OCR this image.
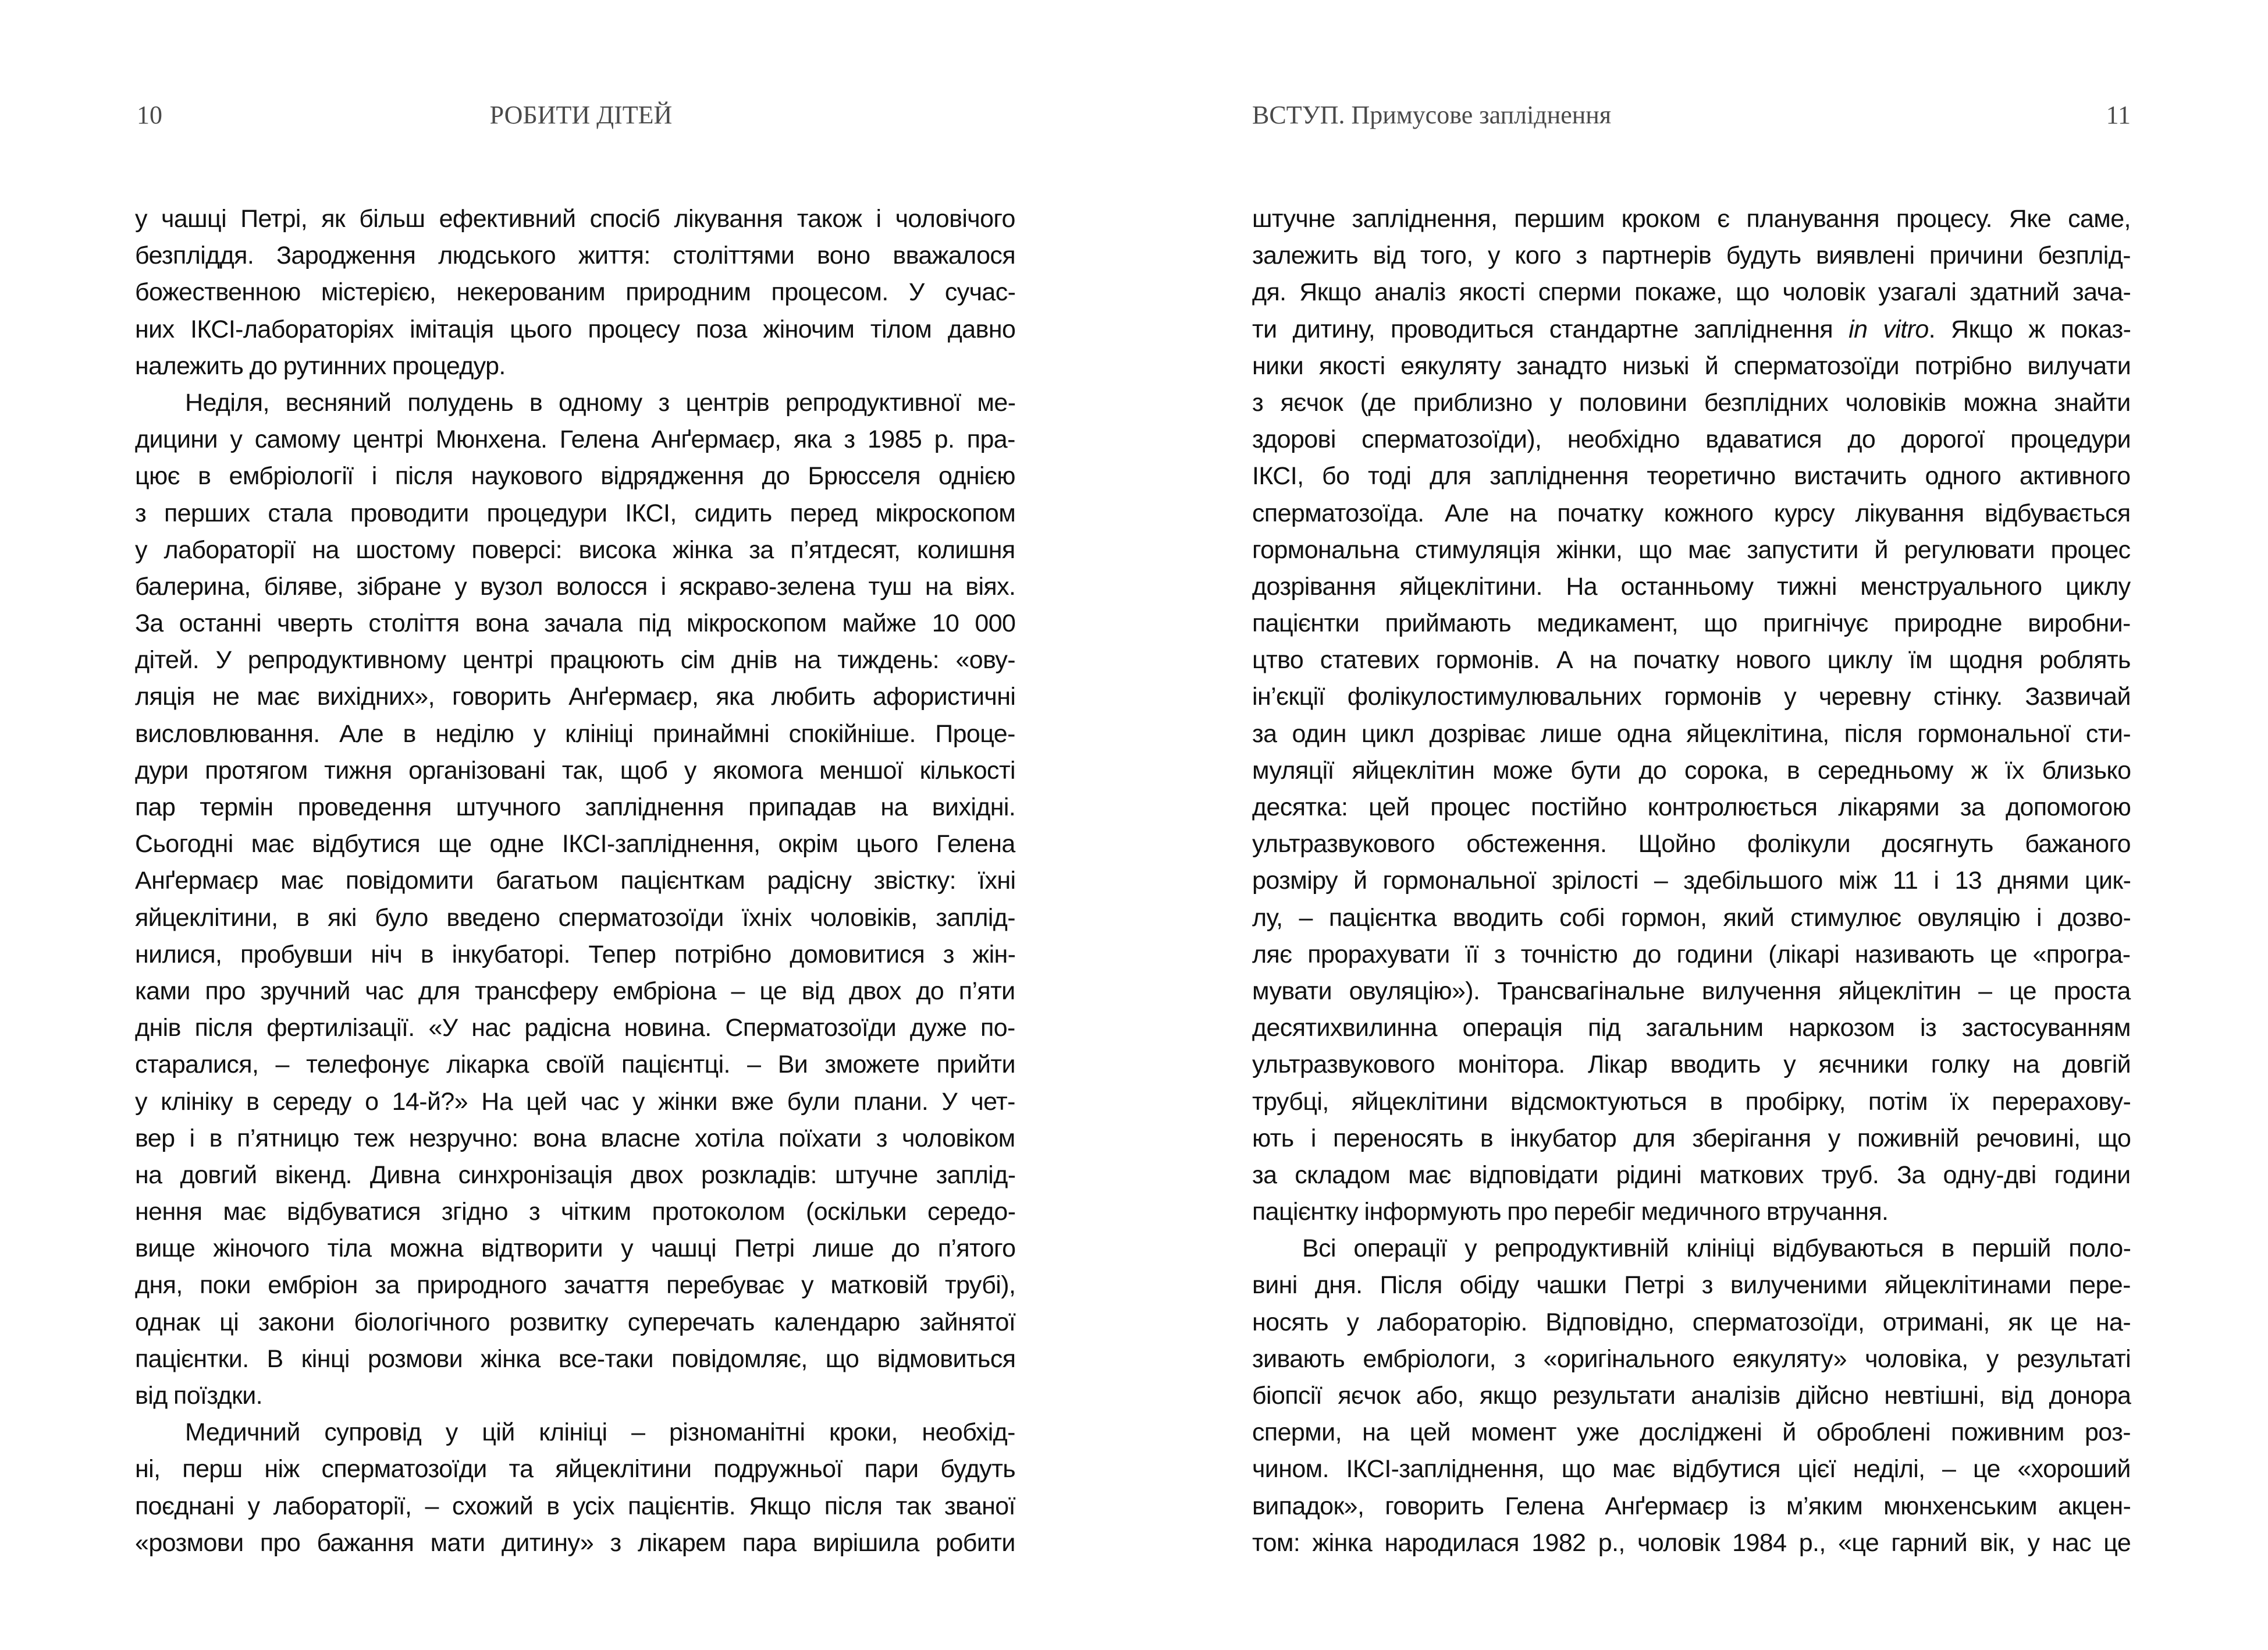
10	РОБИТИ ДІТЕЙ
у чашці Петрі, як більш ефективний спосіб лікування також і чоловічого
безпліддя. Зародження людського життя: століттями воно вважалося
божественною містерією, некерованим природним процесом. У сучас-
них ІКСІ-лабораторіях імітація цього процесу поза жіночим тілом давно
належить до рутинних процедур.
Неділя, весняний полудень в одному з центрів репродуктивної ме-
дицини у самому центрі Мюнхена. Гелена Анґермаєр, яка з 1985 р. пра-
цює в ембріології і після наукового відрядження до Брюсселя однією
з перших стала проводити процедури ІКСІ, сидить перед мікроскопом
у лабораторії на шостому поверсі: висока жінка за п’ятдесят, колишня
балерина, біляве, зібране у вузол волосся і яскраво-зелена туш на віях.
За останні чверть століття вона зачала під мікроскопом майже 10 000
дітей. У репродуктивному центрі працюють сім днів на тиждень: «ову-
ляція не має вихідних», говорить Анґермаєр, яка любить афористичні
висловлювання. Але в неділю у клініці принаймні спокійніше. Проце-
дури протягом тижня організовані так, щоб у якомога меншої кількості
пар термін проведення штучного запліднення припадав на вихідні.
Сьогодні має відбутися ще одне ІКСІ-запліднення, окрім цього Гелена
Анґермаєр має повідомити багатьом пацієнткам радісну звістку: їхні
яйцеклітини, в які було введено сперматозоїди їхніх чоловіків, заплід-
нилися, пробувши ніч в інкубаторі. Тепер потрібно домовитися з жін-
ками про зручний час для трансферу ембріона – це від двох до п’яти
днів після фертилізації. «У нас радісна новина. Сперматозоїди дуже по-
старалися, – телефонує лікарка своїй пацієнтці. – Ви зможете прийти
у клініку в середу о 14-й?» На цей час у жінки вже були плани. У чет-
вер і в п’ятницю теж незручно: вона власне хотіла поїхати з чоловіком
на довгий вікенд. Дивна синхронізація двох розкладів: штучне заплід-
нення має відбуватися згідно з чітким протоколом (оскільки середо-
вище жіночого тіла можна відтворити у чашці Петрі лише до п’ятого
дня, поки ембріон за природного зачаття перебуває у матковій трубі),
однак ці закони біологічного розвитку суперечать календарю зайнятої
пацієнтки. В кінці розмови жінка все-таки повідомляє, що відмовиться
від поїздки.
Медичний супровід у цій клініці – різноманітні кроки, необхід-
ні, перш ніж сперматозоїди та яйцеклітини подружньої пари будуть
поєднані у лабораторії, – схожий в усіх пацієнтів. Якщо після так званої
«розмови про бажання мати дитину» з лікарем пара вирішила робити
ВСТУП. Примусове запліднення	11
штучне запліднення, першим кроком є планування процесу. Яке саме,
залежить від того, у кого з партнерів будуть виявлені причини безплід-
дя. Якщо аналіз якості сперми покаже, що чоловік узагалі здатний зача-
ти дитину, проводиться стандартне запліднення in vitro. Якщо ж показ-
ники якості еякуляту занадто низькі й сперматозоїди потрібно вилучати
з яєчок (де приблизно у половини безплідних чоловіків можна знайти
здорові сперматозоїди), необхідно вдаватися до дорогої процедури
ІКСІ, бо тоді для запліднення теоретично вистачить одного активного
сперматозоїда. Але на початку кожного курсу лікування відбувається
гормональна стимуляція жінки, що має запустити й регулювати процес
дозрівання яйцеклітини. На останньому тижні менструального циклу
пацієнтки приймають медикамент, що пригнічує природне виробни-
цтво статевих гормонів. А на початку нового циклу їм щодня роблять
ін’єкції фолікулостимулювальних гормонів у черевну стінку. Зазвичай
за один цикл дозріває лише одна яйцеклітина, після гормональної сти-
муляції яйцеклітин може бути до сорока, в середньому ж їх близько
десятка: цей процес постійно контролюється лікарями за допомогою
ультразвукового обстеження. Щойно фолікули досягнуть бажаного
розміру й гормональної зрілості – здебільшого між 11 і 13 днями цик-
лу, – пацієнтка вводить собі гормон, який стимулює овуляцію і дозво-
ляє прорахувати її з точністю до години (лікарі називають це «програ-
мувати овуляцію»). Трансвагінальне вилучення яйцеклітин – це проста
десятихвилинна операція під загальним наркозом із застосуванням
ультразвукового монітора. Лікар вводить у яєчники голку на довгій
трубці, яйцеклітини відсмоктуються в пробірку, потім їх перерахову-
ють і переносять в інкубатор для зберігання у поживній речовині, що
за складом має відповідати рідині маткових труб. За одну-дві години
пацієнтку інформують про перебіг медичного втручання.
Всі операції у репродуктивній клініці відбуваються в першій поло-
вині дня. Після обіду чашки Петрі з вилученими яйцеклітинами пере-
носять у лабораторію. Відповідно, сперматозоїди, отримані, як це на-
зивають ембріологи, з «оригінального еякуляту» чоловіка, у результаті
біопсії яєчок або, якщо результати аналізів дійсно невтішні, від донора
сперми, на цей момент уже досліджені й оброблені поживним роз-
чином. ІКСІ-запліднення, що має відбутися цієї неділі, – це «хороший
випадок», говорить Гелена Анґермаєр із м’яким мюнхенським акцен-
том: жінка народилася 1982 р., чоловік 1984 р., «це гарний вік, у нас це
